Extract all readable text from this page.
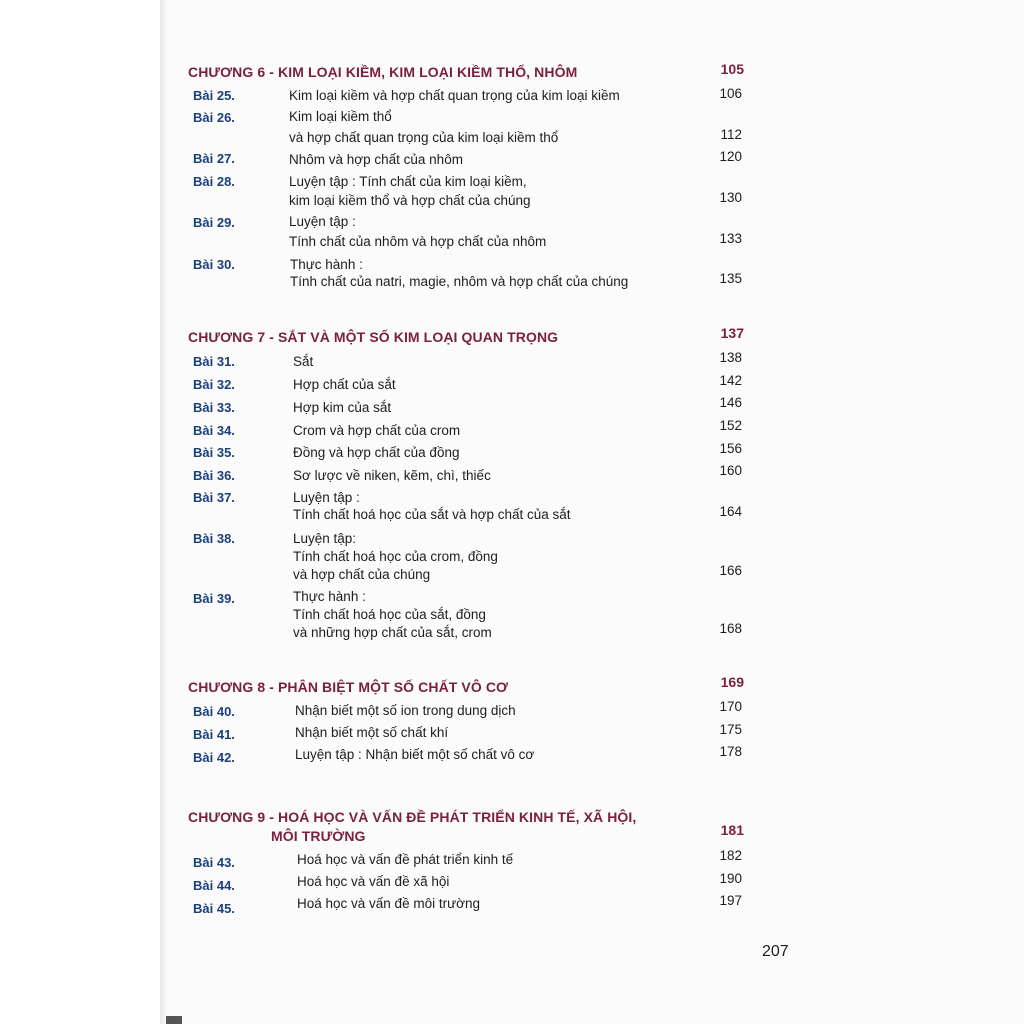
CHƯƠNG 6 - KIM LOẠI KIỀM, KIM LOẠI KIỀM THỔ, NHÔM	105
Bài 25.	Kim loại kiềm và hợp chất quan trọng của kim loại kiềm	106
Bài 26.	Kim loại kiềm thổ
và hợp chất quan trọng của kim loại kiềm thổ	112
Bài 27.	Nhôm và hợp chất của nhôm	120
Bài 28.	Luyện tập : Tính chất của kim loại kiềm,
kim loại kiềm thổ và hợp chất của chúng	130
Bài 29.	Luyện tập :
Tính chất của nhôm và hợp chất của nhôm	133
Bài 30.	Thực hành :
Tính chất của natri, magie, nhôm và hợp chất của chúng	135
CHƯƠNG 7 - SẮT VÀ MỘT SỐ KIM LOẠI QUAN TRỌNG	137
Bài 31.	Sắt	138
Bài 32.	Hợp chất của sắt	142
Bài 33.	Hợp kim của sắt	146
Bài 34.	Crom và hợp chất của crom	152
Bài 35.	Đồng và hợp chất của đồng	156
Bài 36.	Sơ lược về niken, kẽm, chì, thiếc	160
Bài 37.	Luyện tập :
Tính chất hoá học của sắt và hợp chất của sắt	164
Bài 38.	Luyện tập:
Tính chất hoá học của crom, đồng
và hợp chất của chúng	166
Bài 39.	Thực hành :
Tính chất hoá học của sắt, đồng
và những hợp chất của sắt, crom	168
CHƯƠNG 8 - PHÂN BIỆT MỘT SỐ CHẤT VÔ CƠ	169
Bài 40.	Nhận biết một số ion trong dung dịch	170
Bài 41.	Nhận biết một số chất khí	175
Bài 42.	Luyện tập : Nhận biết một số chất vô cơ	178
CHƯƠNG 9 - HOÁ HỌC VÀ VẤN ĐỀ PHÁT TRIỂN KINH TẾ, XÃ HỘI,
MÔI TRƯỜNG	181
Bài 43.	Hoá học và vấn đề phát triển kinh tế	182
Bài 44.	Hoá học và vấn đề xã hội	190
Bài 45.	Hoá học và vấn đề môi trường	197
207
